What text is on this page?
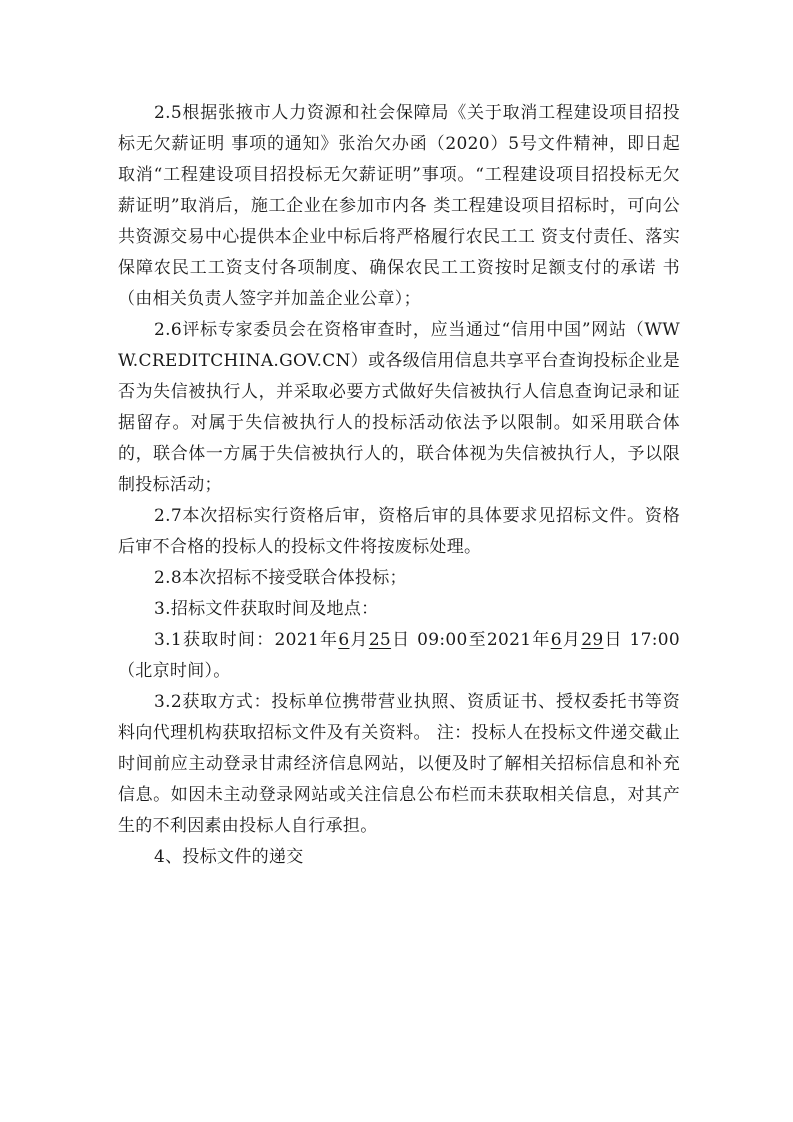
2.5根据张掖市人力资源和社会保障局《关于取消工程建设项目招投标无欠薪证明 事项的通知》张治欠办函（2020）5号文件精神，即日起取消“工程建设项目招投标无欠薪证明”事项。“工程建设项目招投标无欠薪证明”取消后，施工企业在参加市内各 类工程建设项目招标时，可向公共资源交易中心提供本企业中标后将严格履行农民工工 资支付责任、落实保障农民工工资支付各项制度、确保农民工工资按时足额支付的承诺 书（由相关负责人签字并加盖企业公章）；

2.6评标专家委员会在资格审查时，应当通过“信用中国”网站（WWW.CREDITCHINA.GOV.CN）或各级信用信息共享平台查询投标企业是否为失信被执行人，并采取必要方式做好失信被执行人信息查询记录和证据留存。对属于失信被执行人的投标活动依法予以限制。如采用联合体的，联合体一方属于失信被执行人的，联合体视为失信被执行人，予以限制投标活动；

2.7本次招标实行资格后审，资格后审的具体要求见招标文件。资格后审不合格的投标人的投标文件将按废标处理。

2.8本次招标不接受联合体投标；

3.招标文件获取时间及地点：

3.1获取时间：2021年6月25日 09:00至2021年6月29日 17:00（北京时间）。

3.2获取方式：投标单位携带营业执照、资质证书、授权委托书等资料向代理机构获取招标文件及有关资料。 注：投标人在投标文件递交截止时间前应主动登录甘肃经济信息网站，以便及时了解相关招标信息和补充信息。如因未主动登录网站或关注信息公布栏而未获取相关信息，对其产生的不利因素由投标人自行承担。

4、投标文件的递交
